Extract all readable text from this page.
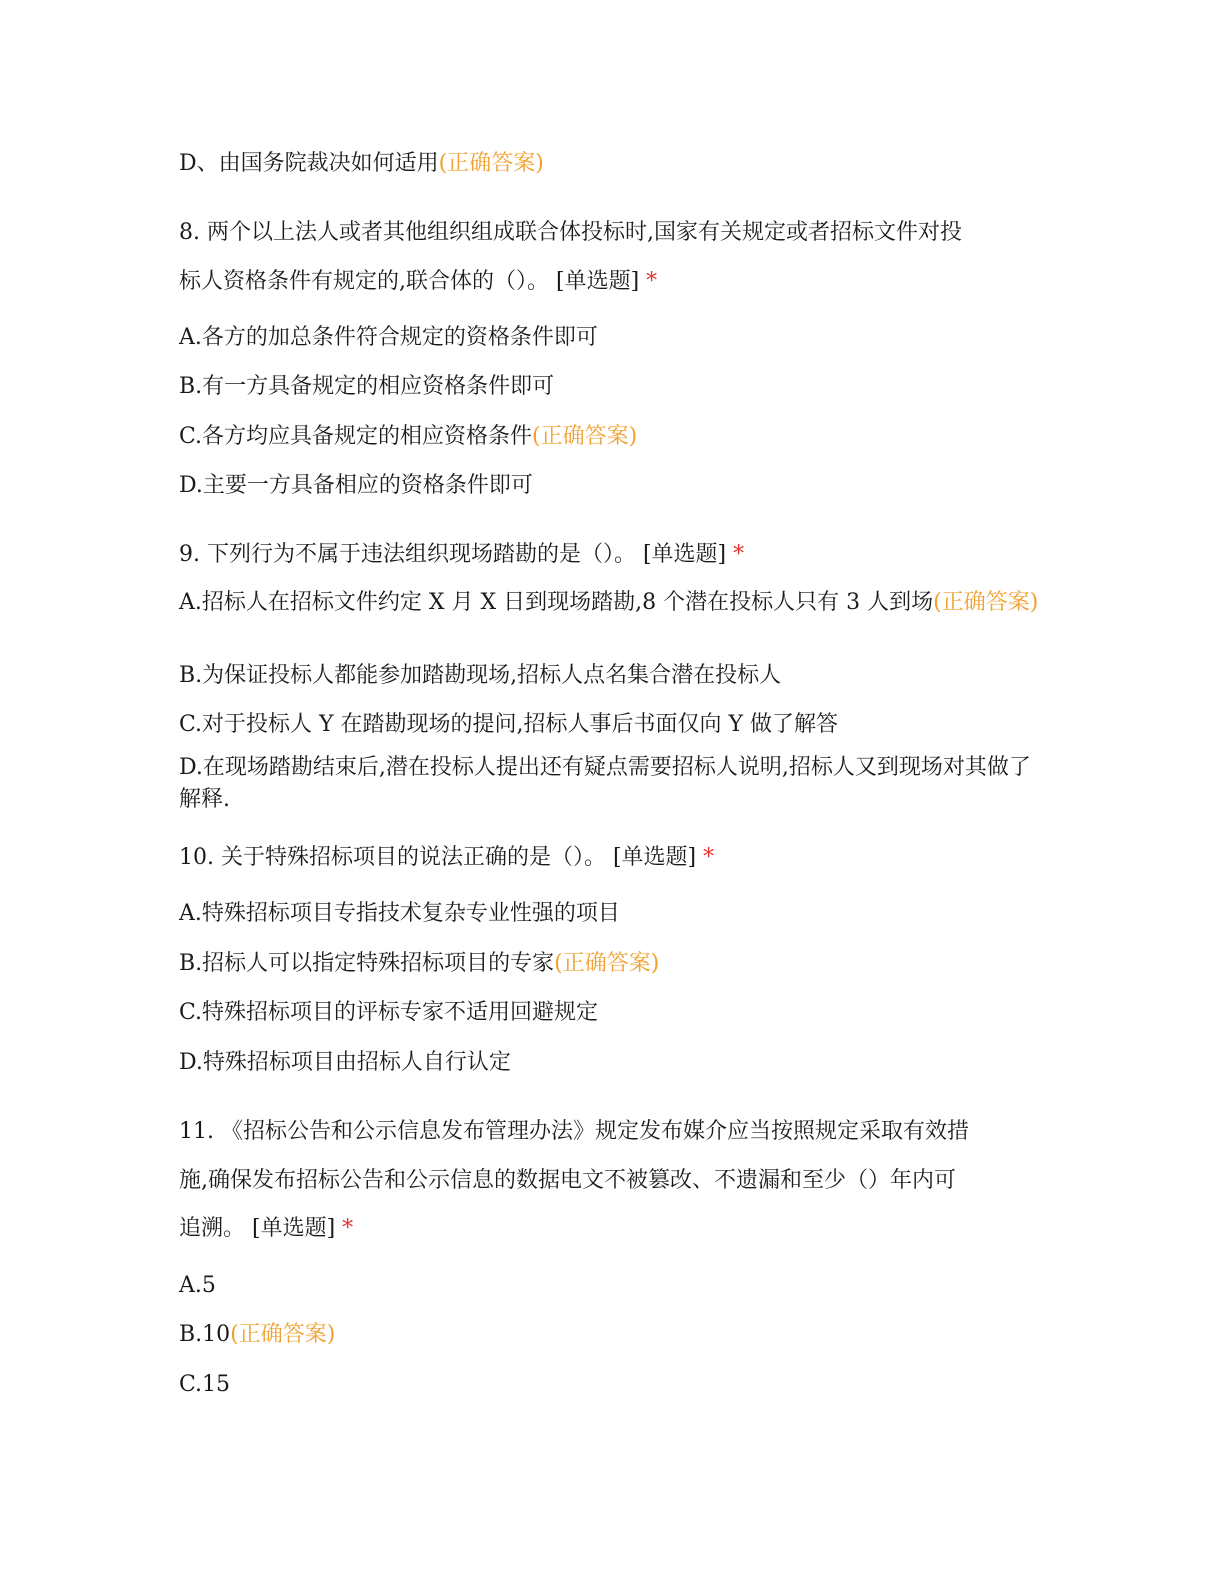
D、由国务院裁决如何适用(正确答案)
8. 两个以上法人或者其他组织组成联合体投标时,国家有关规定或者招标文件对投
标人资格条件有规定的,联合体的（）。 [单选题] *
A.各方的加总条件符合规定的资格条件即可
B.有一方具备规定的相应资格条件即可
C.各方均应具备规定的相应资格条件(正确答案)
D.主要一方具备相应的资格条件即可
9. 下列行为不属于违法组织现场踏勘的是（）。 [单选题] *
A.招标人在招标文件约定 X 月 X 日到现场踏勘,8 个潜在投标人只有 3 人到场(正确答案)
B.为保证投标人都能参加踏勘现场,招标人点名集合潜在投标人
C.对于投标人 Y 在踏勘现场的提问,招标人事后书面仅向 Y 做了解答
D.在现场踏勘结束后,潜在投标人提出还有疑点需要招标人说明,招标人又到现场对其做了解释.
10. 关于特殊招标项目的说法正确的是（）。 [单选题] *
A.特殊招标项目专指技术复杂专业性强的项目
B.招标人可以指定特殊招标项目的专家(正确答案)
C.特殊招标项目的评标专家不适用回避规定
D.特殊招标项目由招标人自行认定
11. 《招标公告和公示信息发布管理办法》规定发布媒介应当按照规定采取有效措
施,确保发布招标公告和公示信息的数据电文不被篡改、不遗漏和至少（）年内可
追溯。 [单选题] *
A.5
B.10(正确答案)
C.15
